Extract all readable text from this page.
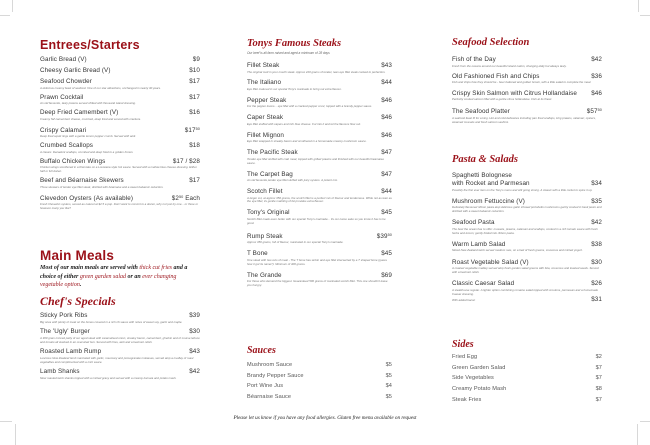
Entrees/Starters
Garlic Bread (V)	$9
Cheesy Garlic Bread (V)	$10
Seafood Chowder	$17
A delicious creamy feast of seafood. One of our star attractions, unchanged in nearly 30 years.
Prawn Cocktail	$17
An old favourite, tasty prawns served chilled with thousand island dressing.
Deep Fried Camembert (V)	$16
Creamy NZ camembert cheese, crumbed, deep fried and served with crackers.
Crispy Calamari	$\$17^{50}$
Deep fried squid rings with a gentle lemon pepper crumb. Served with aioli.
Crumbed Scallops	$18
A classic. Decadent scallops, crumbed and deep fried to a golden brown.
Buffalo Chicken Wings	$17 / $28
Chicken wings smothered in a Kiwi take on a Louisiana style hot sauce. Served with a mellow blue cheese dressing. Either half or full dozen.
Beef and Béarnaise Skewers	$17
Three skewers of tender eye fillet steak, drizzled with béarnaise and a sweet balsamic reduction.
Clevedon Oysters (As available)	$\$2^{50}$ Each
Fresh Clevedon oysters, served au naturel at $2.5 a pop. Don't want to commit to a dozen, why not just try one... or three or however many you like?
Main Meals
Most of our main meals are served with thick cut fries and a choice of either green garden salad or an ever changing vegetable option.
Chef's Specials
Sticky Pork Ribs	$39
Big ones with plenty of meat on the bones covered in a rich rib sauce with notes of sweet soy, garlic and maple.
The 'Ugly' Burger	$30
A 300 gram minced patty of our aged steak with caramelised onion, streaky bacon, camembert, gherkin and of course lettuce and tomato all stacked in an oversized bun. Served with fries, aioli and a beetroot relish.
Roasted Lamb Rump	$43
Luscious New Zealand lamb marinated with garlic, rosemary and pomegranate molasses, served atop a medley of roast vegetables and complimented with a mint sauce.
Lamb Shanks	$42
Slow roasted lamb shanks topped with a minted gravy and served with a creamy kumara and potato mash.
Tonys Famous Steaks
Our beef is all farm raised and aged a minimum of 28 days
Fillet Steak	$43
The original melt in your mouth steak. Approx 220 grams of tender, lean eye fillet steak cooked to perfection.
The Italiano	$44
Eye fillet matured in our special Tony's marinade to bring out extra flavour.
Pepper Steak	$46
For the pepper lovers... eye fillet with a cracked pepper crust, topped with a brandy pepper sauce.
Caper Steak	$46
Eye fillet stuffed with capers and rich blue cheese. Cut into it and let the flavours flow out.
Fillet Mignon	$46
Eye fillet wrapped in streaky bacon and smothered in a homemade creamy mushroom sauce.
The Pacific Steak	$47
Tender eye fillet stuffed with crab meat, topped with grilled prawns and finished with our beautiful béarnaise sauce.
The Carpet Bag	$47
An old favourite,tender eye fillet stuffed with juicy oysters. A potent mix.
Scotch Fillet	$44
A larger cut, at approx 350 grams, the scotch fillet is a perfect mix of flavour and tenderness. While not as lean as the eye fillet, its gentle marbling of fat provides extra flavour.
Tony's Original	$45
Scotch fillet made even better with our special Tony's marinade... Its our name sake so you know it has to be good.
Rump Steak	$\$39^{50}$
Approx 350 grams, full of flavour, marinated in our special Tony's marinade.
T Bone	$45
One steak with two cuts of meat - The T bone has sirloin and eye fillet intersected by a T shaped bone (guess how it got its name?). Minimum of 400 grams.
The Grande	$69
For those who demand the biggest. Guaranteed 500 grams of marinated scotch fillet. This one shouldn't leave you hungry.
Sauces
Mushroom Sauce	$5
Brandy Pepper Sauce	$5
Port Wine Jus	$4
Béarnaise Sauce	$5
Seafood Selection
Fish of the Day	$42
Fresh from the oceans around our beautiful island nation, changing daily but always tasty.
Old Fashioned Fish and Chips	$36
Fish and chips how they should be - beer battered and golden brown, with a little salad to complete the meal.
Crispy Skin Salmon with Citrus Hollandaise $46
Perfectly cooked salmon fillet with a gentle citrus hollandaise. Fish at its finest.
The Seafood Platter	$\$57^{50}$
A seafood feast fit for a king. Hot and cold delicacies including pan fried scallops, king prawns, calamari, oysters, steamed mussels and fresh salmon sashimi.
Pasta & Salads
Spaghetti Bolognese
with Rocket and Parmesan	$34
Possibly the first ever item on the Tony's menu and still going strong. A classic with a little rocket to spice it up.
Mushroom Fettuccine (V)	$35
Delicately flavoured ribbon pasta atop delicious garlic infused portobello mushrooms gently cooked in basil pesto and drizzled with a sweet balsamic reduction.
Seafood Pasta	$42
The best the ocean has to offer: mussels, prawns, calamari and scallops, cooked in a rich tomato sauce with fresh herbs and lemon; gently folded into ribbon pasta.
Warm Lamb Salad	$38
Sliced New Zealand lamb served medium rare, on a bed of fresh greens, couscous and minted yogurt.
Roast Vegetable Salad (V)	$30
A roasted vegetable medley served atop fresh garden salad greens with feta, couscous and toasted seeds. Served with a beetroot relish.
Classic Caesar Salad	$26
A steakhouse regular. A lighter option combining romaine salad topped with croutons, parmesan and a homemade Caesar dressing.
With added bacon	$31
Sides
Fried Egg	$2
Green Garden Salad	$7
Side Vegetables	$7
Creamy Potato Mash	$8
Steak Fries	$7
Please let us know if you have any food allergies. Gluten free menu available on request
